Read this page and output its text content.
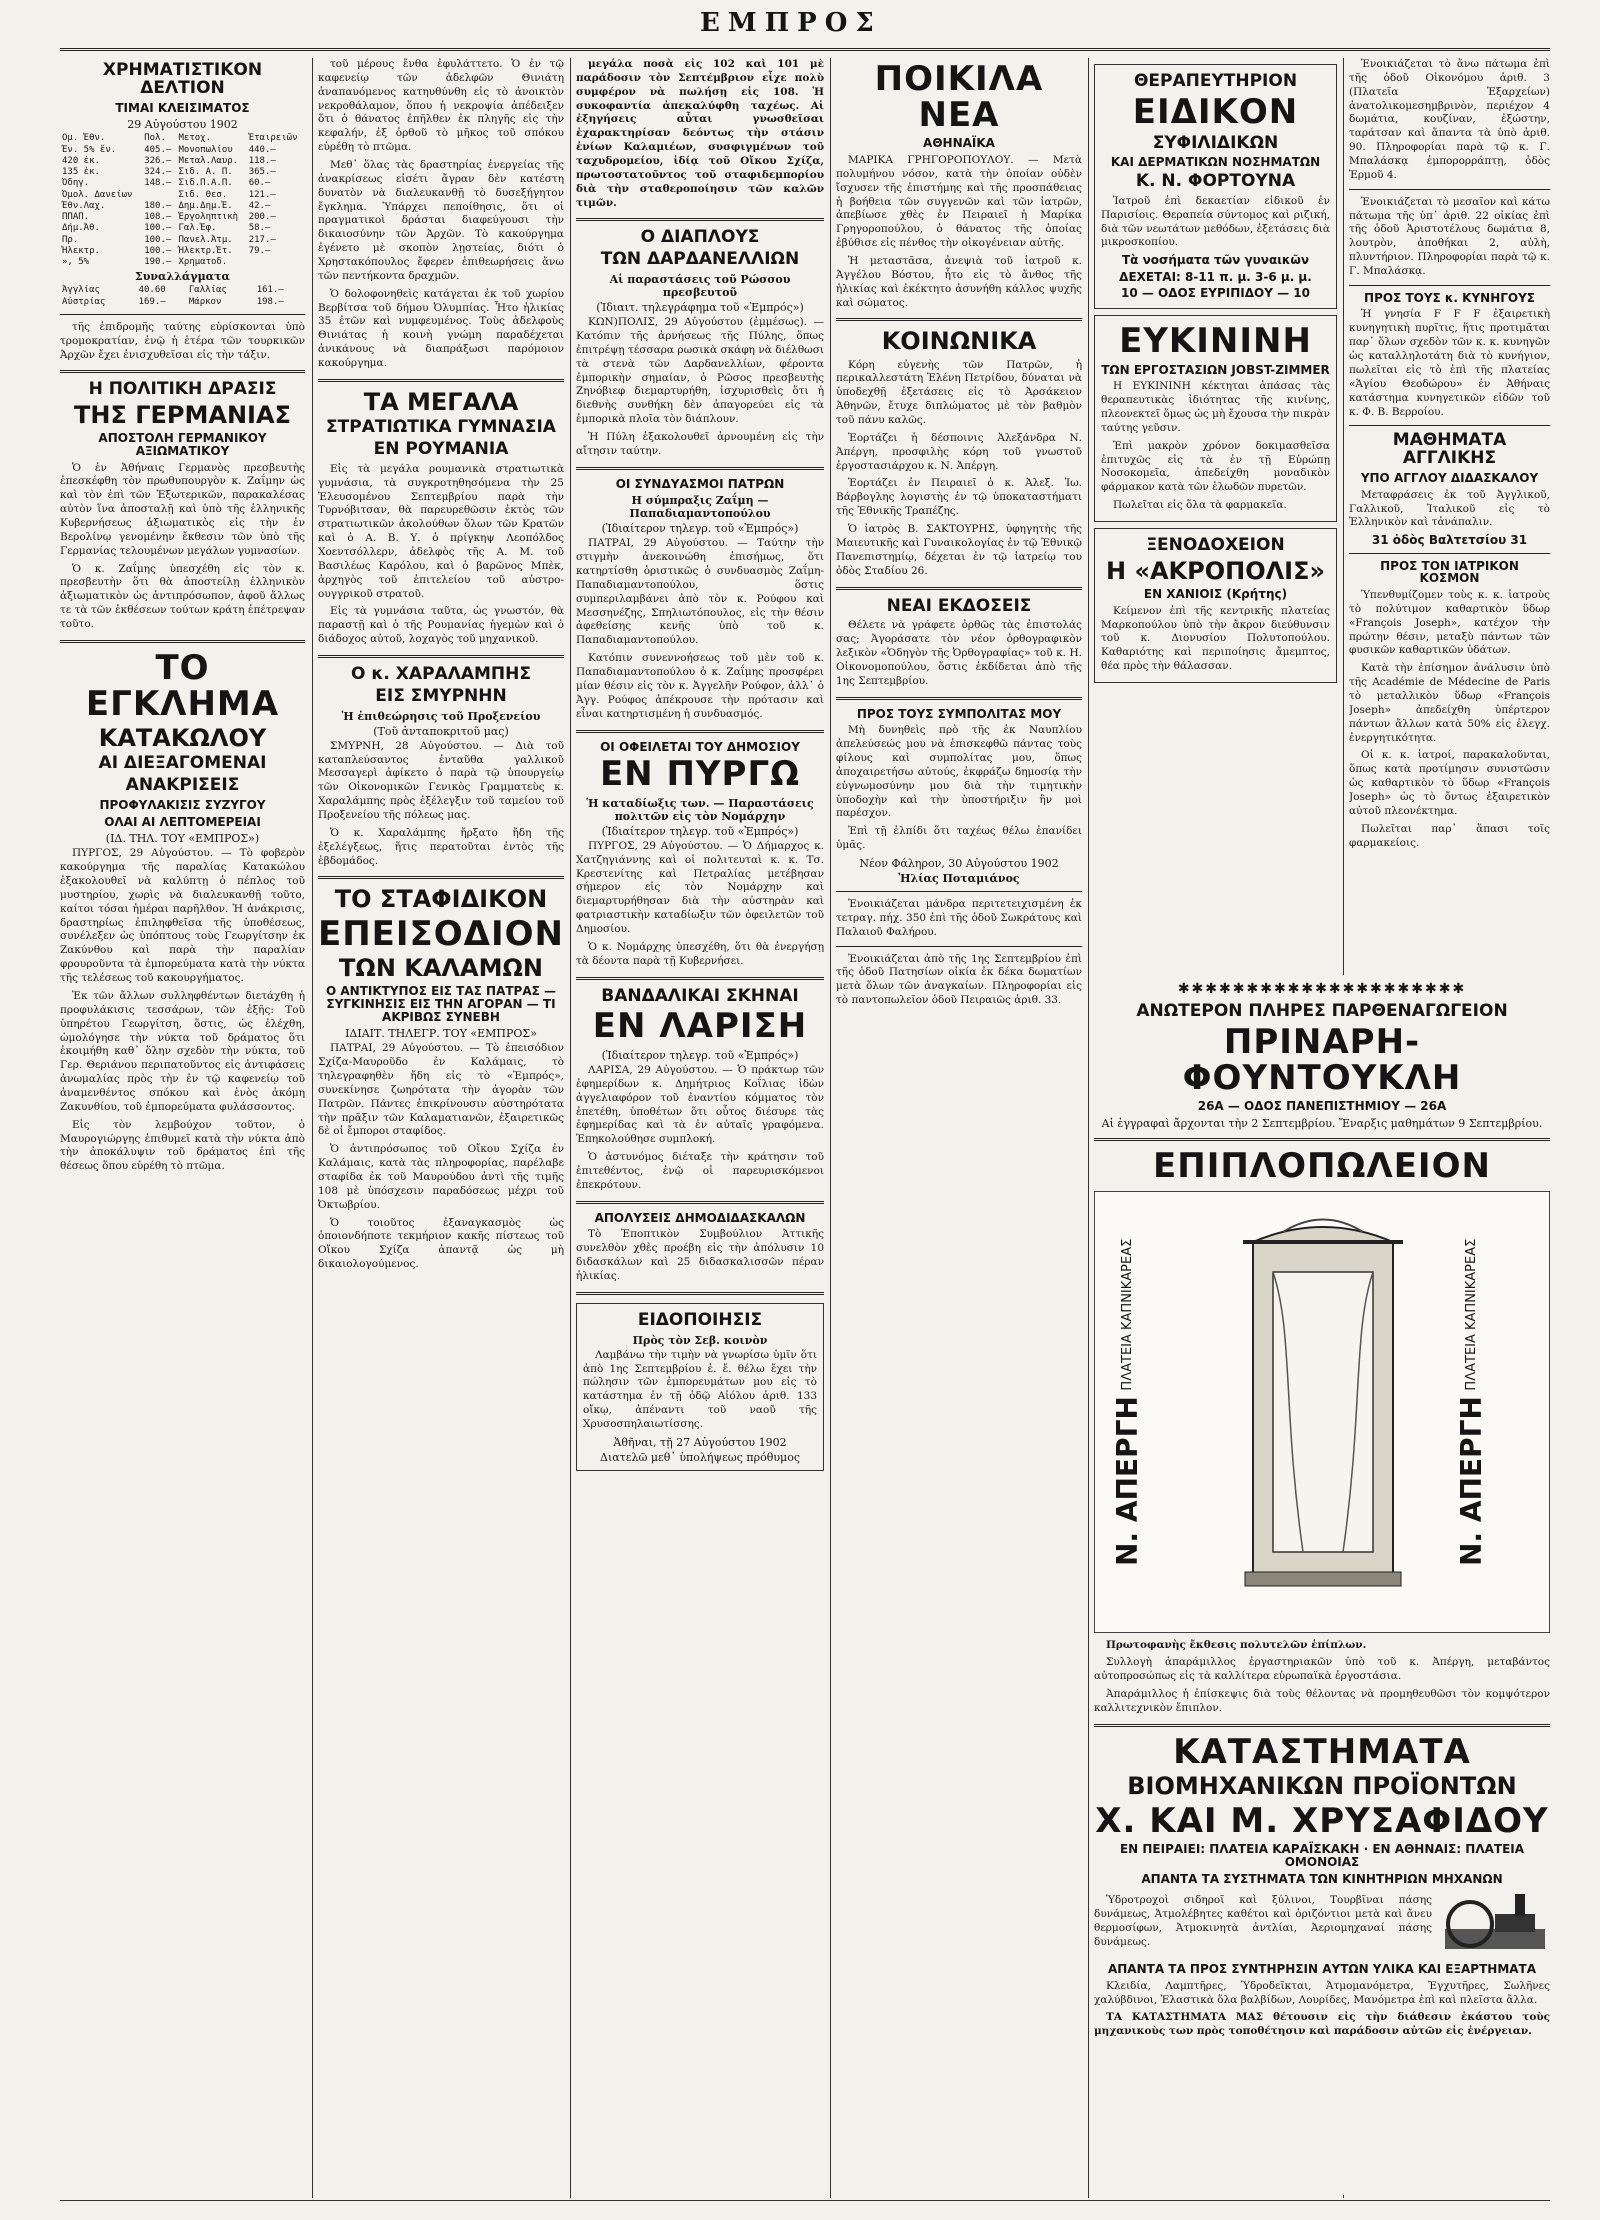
ΕΜΠΡΟΣ
ΧΡΗΜΑΤΙΣΤΙΚΟΝ ΔΕΛΤΙΟΝ
ΤΙΜΑΙ ΚΛΕΙΣΙΜΑΤΟΣ
29 Αὐγούστου 1902
Ομ. Ἐθν.	Πολ.	Μετοχ.	Ἐταιρειῶν
Ἐν. 5% ἔν.	405.—	Μονοπωλίου	440.—
420 ἐκ.	326.—	Μεταλ.Λαυρ.	118.—
135 ἐκ.	324.—	Σιδ. Α. Π.	365.—
Ὀδηγ.	148.—	Σιδ.Π.Α.Π.	60.—
Ὀμολ. Δανείων		Σιδ. Θεσ.	121.—
Ἐθν.Λαχ.	180.—	Δημ.Δημ.Ἐ.	42.—
ΠΠΑΠ.	108.—	Ἐργοληπτικὴ	200.—
Δήμ.Ἀθ.	100.—	Γαλ.Ἐφ.	58.—
Πρ.	100.—	Πανελ.Ἀτμ.	217.—
Ἠλεκτρ.	100.—	Ἠλεκτρ.Ἐτ.	79.—
», 5%	190.—	Χρηματοδ.	
Συναλλάγματα
Ἀγγλίας	40.60	Γαλλίας	161.—
Αὐστρίας	169.—	Μάρκον	198.—

τῆς ἐπιδρομῆς ταύτης εὑρίσκονται ὑπὸ τρομοκρατίαν, ἐνῷ ἡ ἑτέρα τῶν τουρκικῶν Ἀρχῶν ἔχει ἐνισχυθεῖσαι εἰς τὴν τάξιν.

Η ΠΟΛΙΤΙΚΗ ΔΡΑΣΙΣ
ΤΗΣ ΓΕΡΜΑΝΙΑΣ
ΑΠΟΣΤΟΛΗ ΓΕΡΜΑΝΙΚΟΥ ΑΞΙΩΜΑΤΙΚΟΥ

Ὁ ἐν Ἀθήναις Γερμανὸς πρεσβευτὴς ἐπεσκέφθη τὸν πρωθυπουργὸν κ. Ζαΐμην ὡς καὶ τὸν ἐπὶ τῶν Ἐξωτερικῶν, παρακαλέσας αὐτὸν ἵνα ἀποσταλῇ καὶ ὑπὸ τῆς ἑλληνικῆς Κυβερνήσεως ἀξιωματικὸς εἰς τὴν ἐν Βερολίνῳ γενομένην ἔκθεσιν τῶν ὑπὸ τῆς Γερμανίας τελουμένων μεγάλων γυμνασίων.

Ὁ κ. Ζαΐμης ὑπεσχέθη εἰς τὸν κ. πρεσβευτὴν ὅτι θὰ ἀποστείλῃ ἑλληνικὸν ἀξιωματικὸν ὡς ἀντιπρόσωπον, ἀφοῦ ἄλλως τε τὰ τῶν ἐκθέσεων τούτων κράτη ἐπέτρεψαν τοῦτο.

ΤΟ ΕΓΚΛΗΜΑ
ΚΑΤΑΚΩΛΟΥ
ΑΙ ΔΙΕΞΑΓΟΜΕΝΑΙ
ΑΝΑΚΡΙΣΕΙΣ
ΠΡΟΦΥΛΑΚΙΣΙΣ ΣΥΖΥΓΟΥ
ΟΛΑΙ ΑΙ ΛΕΠΤΟΜΕΡΕΙΑΙ
(ΙΔ. ΤΗΛ. ΤΟΥ «ΕΜΠΡΟΣ»)

ΠΥΡΓΟΣ, 29 Αὐγούστου. — Τὸ φοβερὸν κακούργημα τῆς παραλίας Κατακώλου ἐξακολουθεῖ νὰ καλύπτῃ ὁ πέπλος τοῦ μυστηρίου, χωρὶς νὰ διαλευκανθῇ τοῦτο, καίτοι τόσαι ἡμέραι παρῆλθον. Ἡ ἀνάκρισις, δραστηρίως ἐπιληφθεῖσα τῆς ὑποθέσεως, συνέλεξεν ὡς ὑπόπτους τοὺς Γεωργίτσην ἐκ Ζακύνθου καὶ παρὰ τὴν παραλίαν φρουροῦντα τὰ ἐμπορεύματα κατὰ τὴν νύκτα τῆς τελέσεως τοῦ κακουργήματος.

Ἐκ τῶν ἄλλων συλληφθέντων διετάχθη ἡ προφυλάκισις τεσσάρων, τῶν ἐξῆς: Τοῦ ὑπηρέτου Γεωργίτση, ὅστις, ὡς ἐλέχθη, ὡμολόγησε τὴν νύκτα τοῦ δράματος ὅτι ἐκοιμήθη καθ᾽ ὅλην σχεδὸν τὴν νύκτα, τοῦ Γερ. Θεριάνου περιπατοῦντος εἰς ἀντιφάσεις ἀνωμαλίας πρὸς τὴν ἐν τῷ καφενείῳ τοῦ ἀναμενθέντος σπόκου καὶ ἑνὸς ἀκόμη Ζακυνθίου, τοῦ ἐμπορεύματα φυλάσσοντος.

Εἰς τὸν λεμβούχον τοῦτον, ὁ Μαυρογιώργης ἐπιθυμεῖ κατὰ τὴν νύκτα ἀπὸ τὴν ἀποκάλυψιν τοῦ δράματος ἐπὶ τῆς θέσεως ὅπου εὑρέθη τὸ πτῶμα.

τοῦ μέρους ἔνθα ἐφυλάττετο. Ὁ ἐν τῷ καφενείῳ τῶν ἀδελφῶν Θινιάτη ἀναπαυόμενος κατηυθύνθη εἰς τὸ ἀνοικτὸν νεκροθάλαμον, ὅπου ἡ νεκροψία ἀπέδειξεν ὅτι ὁ θάνατος ἐπῆλθεν ἐκ πληγῆς εἰς τὴν κεφαλήν, ἐξ ὀρθοῦ τὸ μῆκος τοῦ σπόκου εὑρέθη τὸ πτῶμα.

Μεθ᾽ ὅλας τὰς δραστηρίας ἐνεργείας τῆς ἀνακρίσεως εἰσέτι ἄγραν δὲν κατέστη δυνατὸν νὰ διαλευκανθῇ τὸ δυσεξήγητον ἔγκλημα. Ὑπάρχει πεποίθησις, ὅτι οἱ πραγματικοὶ δράσται διαφεύγουσι τὴν δικαιοσύνην τῶν Ἀρχῶν. Τὸ κακούργημα ἐγένετο μὲ σκοπὸν λῃστείας, διότι ὁ Χρηστακόπουλος ἔφερεν ἐπιθεωρήσεις ἄνω τῶν πεντήκοντα δραχμῶν.

Ὁ δολοφονηθεὶς κατάγεται ἐκ τοῦ χωρίου Βερβίτσα τοῦ δήμου Ὀλυμπίας. Ἦτο ἡλικίας 35 ἐτῶν καὶ νυμφευμένος. Τοὺς ἀδελφοὺς Θινιάτας ἡ κοινὴ γνώμη παραδέχεται ἀνικάνους νὰ διαπράξωσι παρόμοιον κακούργημα.

ΤΑ ΜΕΓΑΛΑ
ΣΤΡΑΤΙΩΤΙΚΑ ΓΥΜΝΑΣΙΑ
ΕΝ ΡΟΥΜΑΝΙΑ

Εἰς τὰ μεγάλα ρουμανικὰ στρατιωτικὰ γυμνάσια, τὰ συγκροτηθησόμενα τὴν 25 Ἐλευσομένου Σεπτεμβρίου παρὰ τὴν Τυρνόβιτσαν, θὰ παρευρεθῶσιν ἐκτὸς τῶν στρατιωτικῶν ἀκολούθων ὅλων τῶν Κρατῶν καὶ ὁ Α. Β. Υ. ὁ πρίγκηψ Λεοπόλδος Χοεντσόλλερν, ἀδελφὸς τῆς Α. Μ. τοῦ Βασιλέως Καρόλου, καὶ ὁ βαρῶνος Μπὲκ, ἀρχηγὸς τοῦ ἐπιτελείου τοῦ αὐστρο-ουγγρικοῦ στρατοῦ.

Εἰς τὰ γυμνάσια ταῦτα, ὡς γνωστόν, θὰ παραστῇ καὶ ὁ τῆς Ρουμανίας ἡγεμὼν καὶ ὁ διάδοχος αὐτοῦ, λοχαγὸς τοῦ μηχανικοῦ.

Ο κ. ΧΑΡΑΛΑΜΠΗΣ
ΕΙΣ ΣΜΥΡΝΗΝ
Ἡ ἐπιθεώρησις τοῦ Προξενείου
(Τοῦ ἀνταποκριτοῦ μας)

ΣΜΥΡΝΗ, 28 Αὐγούστου. — Διὰ τοῦ καταπλεύσαντος ἐνταῦθα γαλλικοῦ Μεσσαγερὶ ἀφίκετο ὁ παρὰ τῷ ὑπουργείῳ τῶν Οἰκονομικῶν Γενικὸς Γραμματεὺς κ. Χαραλάμπης πρὸς ἐξέλεγξιν τοῦ ταμείου τοῦ Προξενείου τῆς πόλεως μας.

Ὁ κ. Χαραλάμπης ἤρξατο ἤδη τῆς ἐξελέγξεως, ἥτις περατοῦται ἐντὸς τῆς ἑβδομάδος.

ΤΟ ΣΤΑΦΙΔΙΚΟΝ
ΕΠΕΙΣΟΔΙΟΝ
ΤΩΝ ΚΑΛΑΜΩΝ
Ο ΑΝΤΙΚΤΥΠΟΣ ΕΙΣ ΤΑΣ ΠΑΤΡΑΣ — ΣΥΓΚΙΝΗΣΙΣ ΕΙΣ ΤΗΝ ΑΓΟΡΑΝ — ΤΙ ΑΚΡΙΒΩΣ ΣΥΝΕΒΗ
ΙΔΙΑΙΤ. ΤΗΛΕΓΡ. ΤΟΥ «ΕΜΠΡΟΣ»

ΠΑΤΡΑΙ, 29 Αὐγούστου. — Τὸ ἐπεισόδιον Σχίζα-Μαυροῦδο ἐν Καλάμαις, τὸ τηλεγραφηθὲν ἤδη εἰς τὸ «Ἐμπρός», συνεκίνησε ζωηρότατα τὴν ἀγορὰν τῶν Πατρῶν. Πάντες ἐπικρίνουσιν αὐστηρότατα τὴν πρᾶξιν τῶν Καλαματιανῶν, ἐξαιρετικῶς δὲ οἱ ἔμποροι σταφίδος.

Ὁ ἀντιπρόσωπος τοῦ Οἴκου Σχίζα ἐν Καλάμαις, κατὰ τὰς πληροφορίας, παρέλαβε σταφίδα ἐκ τοῦ Μαυρούδου ἀντὶ τῆς τιμῆς 108 μὲ ὑπόσχεσιν παραδόσεως μέχρι τοῦ Ὀκτωβρίου.

Ὁ τοιοῦτος ἐξαναγκασμὸς ὡς ὁποιονδήποτε τεκμήριον κακῆς πίστεως τοῦ Οἴκου Σχίζα ἀπαντᾷ ὡς μὴ δικαιολογούμενος.

μεγάλα ποσὰ εἰς 102 καὶ 101 μὲ παράδοσιν τὸν Σεπτέμβριον εἶχε πολὺ συμφέρον νὰ πωλήσῃ εἰς 108. Ἡ συκοφαντία ἀπεκαλύφθη ταχέως. Αἱ ἐξηγήσεις αὗται γνωσθεῖσαι ἐχαρακτηρίσαν δεόντως τὴν στάσιν ἐνίων Καλαμιέων, συσφιγμένων τοῦ ταχυδρομείου, ἰδίᾳ τοῦ Οἴκου Σχίζα, πρωτοστατοῦντος τοῦ σταφιδεμπορίου διὰ τὴν σταθεροποίησιν τῶν καλῶν τιμῶν.

Ο ΔΙΑΠΛΟΥΣ
ΤΩΝ ΔΑΡΔΑΝΕΛΛΙΩΝ
Αἱ παραστάσεις τοῦ Ρώσσου πρεσβευτοῦ
(Ἰδιαιτ. τηλεγράφημα τοῦ «Ἐμπρός»)

ΚΩΝ)ΠΟΛΙΣ, 29 Αὐγούστου (ἐμμέσως). — Κατόπιν τῆς ἀρνήσεως τῆς Πύλης, ὅπως ἐπιτρέψῃ τέσσαρα ρωσικὰ σκάφη νὰ διέλθωσι τὰ στενὰ τῶν Δαρδανελλίων, φέροντα ἐμπορικὴν σημαίαν, ὁ Ρῶσος πρεσβευτὴς Ζηνόβιεφ διεμαρτυρήθη, ἰσχυρισθεὶς ὅτι ἡ διεθνὴς συνθήκη δὲν ἀπαγορεύει εἰς τὰ ἐμπορικὰ πλοῖα τὸν διάπλουν.

Ἡ Πύλη ἐξακολουθεῖ ἀρνουμένη εἰς τὴν αἴτησιν ταύτην.

ΟΙ ΣΥΝΔΥΑΣΜΟΙ ΠΑΤΡΩΝ
Η σύμπραξις Ζαΐμη — Παπαδιαμαντοπούλου
(Ἰδιαίτερον τηλεγρ. τοῦ «Ἐμπρός»)

ΠΑΤΡΑΙ, 29 Αὐγούστου. — Ταύτην τὴν στιγμὴν ἀνεκοινώθη ἐπισήμως, ὅτι κατηρτίσθη ὁριστικῶς ὁ συνδυασμὸς Ζαΐμη-Παπαδιαμαντοπούλου, ὅστις συμπεριλαμβάνει ἀπὸ τὸν κ. Ρούφου καὶ Μεσσηνέζης, Σπηλιωτόπουλος, εἰς τὴν θέσιν ἀφεθείσης κενῆς ὑπὸ τοῦ κ. Παπαδιαμαντοπούλου.

Κατόπιν συνεννοήσεως τοῦ μὲν τοῦ κ. Παπαδιαμαντοπούλου ὁ κ. Ζαΐμης προσφέρει μίαν θέσιν εἰς τὸν κ. Ἀγγελῆν Ρούφον, ἀλλ᾽ ὁ Ἀγγ. Ρούφος ἀπέκρουσε τὴν πρότασιν καὶ εἶναι κατηρτισμένη ἡ συνδυασμός.

ΟΙ ΟΦΕΙΛΕΤΑΙ ΤΟΥ ΔΗΜΟΣΙΟΥ
ΕΝ ΠΥΡΓΩ
Ἡ καταδίωξις των. — Παραστάσεις πολιτῶν εἰς τὸν Νομάρχην
(Ἰδιαίτερον τηλεγρ. τοῦ «Ἐμπρός»)

ΠΥΡΓΟΣ, 29 Αὐγούστου. — Ὁ Δήμαρχος κ. Χατζηγιάννης καὶ οἱ πολιτευταὶ κ. κ. Τσ. Κρεστενίτης καὶ Πετραλίας μετέβησαν σήμερον εἰς τὸν Νομάρχην καὶ διεμαρτυρήθησαν διὰ τὴν αὐστηρὰν καὶ φατριαστικὴν καταδίωξιν τῶν ὀφειλετῶν τοῦ Δημοσίου.

Ὁ κ. Νομάρχης ὑπεσχέθη, ὅτι θὰ ἐνεργήσῃ τὰ δέοντα παρὰ τῇ Κυβερνήσει.

ΒΑΝΔΑΛΙΚΑΙ ΣΚΗΝΑΙ
ΕΝ ΛΑΡΙΣΗ
(Ἰδιαίτερον τηλεγρ. τοῦ «Ἐμπρός»)

ΛΑΡΙΣΑ, 29 Αὐγούστου. — Ὁ πράκτωρ τῶν ἐφημερίδων κ. Δημήτριος Κοΐλιας ἰδὼν ἀγγελιαφόρον τοῦ ἐναντίου κόμματος τὸν ἐπετέθη, ὑποθέτων ὅτι οὗτος διέσυρε τὰς ἐφημερίδας καὶ τὰ ἐν αὐταῖς γραφόμενα. Ἐπηκολούθησε συμπλοκή.

Ὁ ἀστυνόμος διέταξε τὴν κράτησιν τοῦ ἐπιτεθέντος, ἐνῷ οἱ παρευρισκόμενοι ἐπεκρότουν.

ΑΠΟΛΥΣΕΙΣ ΔΗΜΟΔΙΔΑΣΚΑΛΩΝ

Τὸ Ἐποπτικὸν Συμβούλιον Ἀττικῆς συνελθὸν χθὲς προέβη εἰς τὴν ἀπόλυσιν 10 διδασκάλων καὶ 25 διδασκαλισσῶν πέραν ἡλικίας.

ΕΙΔΟΠΟΙΗΣΙΣ
Πρὸς τὸν Σεβ. κοινὸν

Λαμβάνω τὴν τιμὴν νὰ γνωρίσω ὑμῖν ὅτι ἀπὸ 1ης Σεπτεμβρίου ἐ. ἔ. θέλω ἔχει τὴν πώλησιν τῶν ἐμπορευμάτων μου εἰς τὸ κατάστημα ἐν τῇ ὁδῷ Αἰόλου ἀριθ. 133 οἴκῳ, ἀπέναντι τοῦ ναοῦ τῆς Χρυσοσπηλαιωτίσσης.

Ἀθῆναι, τῇ 27 Αὐγούστου 1902
Διατελῶ μεθ᾽ ὑπολήψεως πρόθυμος
ΠΟΙΚΙΛΑ ΝΕΑ
ΑΘΗΝΑΪΚΑ

ΜΑΡΙΚΑ ΓΡΗΓΟΡΟΠΟΥΛΟΥ. — Μετὰ πολυμήνου νόσον, κατὰ τὴν ὁποίαν οὐδὲν ἴσχυσεν τῆς ἐπιστήμης καὶ τῆς προσπάθειας ἡ βοήθεια τῶν συγγενῶν καὶ τῶν ἰατρῶν, ἀπεβίωσε χθὲς ἐν Πειραιεῖ ἡ Μαρίκα Γρηγοροπούλου, ὁ θάνατος τῆς ὁποίας ἐβύθισε εἰς πένθος τὴν οἰκογένειαν αὐτῆς.

Ἡ μεταστᾶσα, ἀνεψιὰ τοῦ ἰατροῦ κ. Ἀγγέλου Βόστου, ἦτο εἰς τὸ ἄνθος τῆς ἡλικίας καὶ ἐκέκτητο ἀσυνήθη κάλλος ψυχῆς καὶ σώματος.

ΚΟΙΝΩΝΙΚΑ

Κόρη εὐγενὴς τῶν Πατρῶν, ἡ περικαλλεστάτη Ἑλένη Πετρίδου, δύναται νὰ ὑποδεχθῇ ἐξετάσεις εἰς τὸ Ἀρσάκειον Ἀθηνῶν, ἔτυχε διπλώματος μὲ τὸν βαθμὸν τοῦ πάνυ καλῶς.

Ἑορτάζει ἡ δέσποινις Ἀλεξάνδρα Ν. Ἀπέργη, προσφιλὴς κόρη τοῦ γνωστοῦ ἐργοστασιάρχου κ. Ν. Ἀπέργη.

Ἑορτάζει ἐν Πειραιεῖ ὁ κ. Ἀλεξ. Ἰω. Βάρβογλης λογιστὴς ἐν τῷ ὑποκαταστήματι τῆς Ἐθνικῆς Τραπέζης.

Ὁ ἰατρὸς Β. ΣΑΚΤΟΥΡΗΣ, ὑφηγητὴς τῆς Μαιευτικῆς καὶ Γυναικολογίας ἐν τῷ Ἐθνικῷ Πανεπιστημίῳ, δέχεται ἐν τῷ ἰατρείῳ του ὁδὸς Σταδίου 26.

ΝΕΑΙ ΕΚΔΟΣΕΙΣ

Θέλετε νὰ γράφετε ὀρθῶς τὰς ἐπιστολάς σας; Ἀγοράσατε τὸν νέον ὀρθογραφικὸν λεξικὸν «Ὁδηγὸν τῆς Ὀρθογραφίας» τοῦ κ. Η. Οἰκονομοπούλου, ὅστις ἐκδίδεται ἀπὸ τῆς 1ης Σεπτεμβρίου.

ΠΡΟΣ ΤΟΥΣ ΣΥΜΠΟΛΙΤΑΣ ΜΟΥ

Μὴ δυνηθεὶς πρὸ τῆς ἐκ Ναυπλίου ἀπελεύσεώς μου νὰ ἐπισκεφθῶ πάντας τοὺς φίλους καὶ συμπολίτας μου, ὅπως ἀποχαιρετήσω αὐτούς, ἐκφράζω δημοσίᾳ τὴν εὐγνωμοσύνην μου διὰ τὴν τιμητικὴν ὑποδοχὴν καὶ τὴν ὑποστήριξιν ἣν μοὶ παρέσχον.

Ἐπὶ τῇ ἐλπίδι ὅτι ταχέως θέλω ἐπανίδει ὑμᾶς.

Νέον Φάληρον, 30 Αὐγούστου 1902
Ἠλίας Ποταμιάνος

Ἐνοικιάζεται μάνδρα περιτετειχισμένη ἐκ τετραγ. πήχ. 350 ἐπὶ τῆς ὁδοῦ Σωκράτους καὶ Παλαιοῦ Φαλήρου.

Ἐνοικιάζεται ἀπὸ τῆς 1ης Σεπτεμβρίου ἐπὶ τῆς ὁδοῦ Πατησίων οἰκία ἐκ δέκα δωματίων μετὰ ὅλων τῶν ἀναγκαίων. Πληροφορίαι εἰς τὸ παντοπωλεῖον ὁδοῦ Πειραιῶς ἀριθ. 33.

ΘΕΡΑΠΕΥΤΗΡΙΟΝ
ΕΙΔΙΚΟΝ
ΣΥΦΙΛΙΔΙΚΩΝ
ΚΑΙ ΔΕΡΜΑΤΙΚΩΝ ΝΟΣΗΜΑΤΩΝ
Κ. Ν. ΦΟΡΤΟΥΝΑ

Ἰατροῦ ἐπὶ δεκαετίαν εἰδικοῦ ἐν Παρισίοις. Θεραπεία σύντομος καὶ ριζική, διὰ τῶν νεωτάτων μεθόδων, ἐξετάσεις διὰ μικροσκοπίου.

Τὰ νοσήματα τῶν γυναικῶν
ΔΕΧΕΤΑΙ: 8-11 π. μ. 3-6 μ. μ.
10 — ΟΔΟΣ ΕΥΡΙΠΙΔΟΥ — 10
ΕΥΚΙΝΙΝΗ
ΤΩΝ ΕΡΓΟΣΤΑΣΙΩΝ JOBST-ZIMMER

Η ΕΥΚΙΝΙΝΗ κέκτηται ἁπάσας τὰς θεραπευτικὰς ἰδιότητας τῆς κινίνης, πλεονεκτεῖ ὅμως ὡς μὴ ἔχουσα τὴν πικρὰν ταύτης γεῦσιν.

Ἐπὶ μακρὸν χρόνον δοκιμασθεῖσα ἐπιτυχῶς εἰς τὰ ἐν τῇ Εὐρώπῃ Νοσοκομεῖα, ἀπεδείχθη μοναδικὸν φάρμακον κατὰ τῶν ἑλωδῶν πυρετῶν.

Πωλεῖται εἰς ὅλα τὰ φαρμακεῖα.

ΞΕΝΟΔΟΧΕΙΟΝ
Η «ΑΚΡΟΠΟΛΙΣ»
ΕΝ ΧΑΝΙΟΙΣ (Κρήτης)

Κείμενον ἐπὶ τῆς κεντρικῆς πλατείας Μαρκοπούλου ὑπὸ τὴν ἄκρον διεύθυνσιν τοῦ κ. Διονυσίου Πολυτοπούλου. Καθαριότης καὶ περιποίησις ἄμεμπτος, θέα πρὸς τὴν θάλασσαν.

✱✱✱✱✱✱✱✱✱✱✱✱✱✱✱✱✱✱✱✱✱
ΑΝΩΤΕΡΟΝ ΠΛΗΡΕΣ ΠΑΡΘΕΝΑΓΩΓΕΙΟΝ
ΠΡΙΝΑΡΗ-ΦΟΥΝΤΟΥΚΛΗ
26Α — ΟΔΟΣ ΠΑΝΕΠΙΣΤΗΜΙΟΥ — 26Α
Αἱ ἐγγραφαὶ ἄρχονται τὴν 2 Σεπτεμβρίου. Ἔναρξις μαθημάτων 9 Σεπτεμβρίου.
ΕΠΙΠΛΟΠΩΛΕΙΟΝ
Ν. ΑΠΕΡΓΗ ΠΛΑΤΕΙΑ ΚΑΠΝΙΚΑΡΕΑΣ
Ν. ΑΠΕΡΓΗ ΠΛΑΤΕΙΑ ΚΑΠΝΙΚΑΡΕΑΣ

Πρωτοφανὴς ἔκθεσις πολυτελῶν ἐπίπλων.

Συλλογὴ ἀπαράμιλλος ἐργαστηριακῶν ὑπὸ τοῦ κ. Ἀπέργη, μεταβάντος αὐτοπροσώπως εἰς τὰ καλλίτερα εὐρωπαϊκὰ ἐργοστάσια.

Ἀπαράμιλλος ἡ ἐπίσκεψις διὰ τοὺς θέλοντας νὰ προμηθευθῶσι τὸν κομψότερον καλλιτεχνικὸν ἔπιπλον.

ΚΑΤΑΣΤΗΜΑΤΑ
ΒΙΟΜΗΧΑΝΙΚΩΝ ΠΡΟΪΟΝΤΩΝ
Χ. ΚΑΙ Μ. ΧΡΥΣΑΦΙΔΟΥ
ΕΝ ΠΕΙΡΑΙΕΙ: ΠΛΑΤΕΙΑ ΚΑΡΑΪΣΚΑΚΗ · ΕΝ ΑΘΗΝΑΙΣ: ΠΛΑΤΕΙΑ ΟΜΟΝΟΙΑΣ
ΑΠΑΝΤΑ ΤΑ ΣΥΣΤΗΜΑΤΑ ΤΩΝ ΚΙΝΗΤΗΡΙΩΝ ΜΗΧΑΝΩΝ

Ὑδροτροχοὶ σιδηροῖ καὶ ξύλινοι, Τουρβῖναι πάσης δυνάμεως, Ἀτμολέβητες καθέτοι καὶ ὁριζόντιοι μετὰ καὶ ἄνευ θερμοσίφων, Ἀτμοκινητὰ ἀντλίαι, Ἀεριομηχαναί πάσης δυνάμεως.

ΑΠΑΝΤΑ ΤΑ ΠΡΟΣ ΣΥΝΤΗΡΗΣΙΝ ΑΥΤΩΝ ΥΛΙΚΑ ΚΑΙ ΕΞΑΡΤΗΜΑΤΑ

Κλειδία, Λαμπτῆρες, Ὑδροδεῖκται, Ἀτμομανόμετρα, Ἐγχυτῆρες, Σωλῆνες χαλύβδινοι, Ἐλαστικὰ ὅλα βαλβίδων, Λουρίδες, Μανόμετρα ἐπὶ καὶ πλεῖστα ἄλλα.

ΤΑ ΚΑΤΑΣΤΗΜΑΤΑ ΜΑΣ θέτουσιν εἰς τὴν διάθεσιν ἑκάστου τοὺς μηχανικοὺς των πρὸς τοποθέτησιν καὶ παράδοσιν αὐτῶν εἰς ἐνέργειαν.

Ἐνοικιάζεται τὸ ἄνω πάτωμα ἐπὶ τῆς ὁδοῦ Οἰκονόμου ἀριθ. 3 (Πλατεῖα Ἐξαρχείων) ἀνατολικομεσημβρινὸν, περιέχον 4 δωμάτια, κουζίναν, ἐξώστην, ταράτσαν καὶ ἅπαντα τὰ ὑπὸ ἀριθ. 90. Πληροφορίαι παρὰ τῷ κ. Γ. Μπαλάσκᾳ ἐμπορορράπτῃ, ὁδὸς Ἑρμοῦ 4.

Ἐνοικιάζεται τὸ μεσαῖον καὶ κάτω πάτωμα τῆς ὑπ᾽ ἀριθ. 22 οἰκίας ἐπὶ τῆς ὁδοῦ Ἀριστοτέλους δωμάτια 8, λουτρὸν, ἀποθήκαι 2, αὐλὴ, πλυντήριον. Πληροφορίαι παρὰ τῷ κ. Γ. Μπαλάσκᾳ.

ΠΡΟΣ ΤΟΥΣ κ. ΚΥΝΗΓΟΥΣ

Ἡ γνησία F F F ἐξαιρετικὴ κυνηγητικὴ πυρῖτις, ἥτις προτιμᾶται παρ᾽ ὅλων σχεδὸν τῶν κ. κ. κυνηγῶν ὡς καταλληλοτάτη διὰ τὸ κυνήγιον, πωλεῖται εἰς τὸ ἐπὶ τῆς πλατείας «Ἁγίου Θεοδώρου» ἐν Ἀθήναις κατάστημα κυνηγετικῶν εἰδῶν τοῦ κ. Φ. Β. Βερροίου.

ΜΑΘΗΜΑΤΑ ΑΓΓΛΙΚΗΣ
ΥΠΟ ΑΓΓΛΟΥ ΔΙΔΑΣΚΑΛΟΥ

Μεταφράσεις ἐκ τοῦ Ἀγγλικοῦ, Γαλλικοῦ, Ἰταλικοῦ εἰς τὸ Ἑλληνικὸν καὶ τἀνάπαλιν.

31 ὁδὸς Βαλτετσίου 31
ΠΡΟΣ ΤΟΝ ΙΑΤΡΙΚΟΝ ΚΟΣΜΟΝ

Ὑπενθυμίζομεν τοὺς κ. κ. ἰατροὺς τὸ πολύτιμον καθαρτικὸν ὕδωρ «François Joseph», κατέχον τὴν πρώτην θέσιν, μεταξὺ πάντων τῶν φυσικῶν καθαρτικῶν ὑδάτων.

Κατὰ τὴν ἐπίσημον ἀνάλυσιν ὑπὸ τῆς Académie de Médecine de Paris τὸ μεταλλικὸν ὕδωρ «François Joseph» ἀπεδείχθη ὑπέρτερον πάντων ἄλλων κατὰ 50% εἰς ἐλεγχ. ἐνεργητικότητα.

Οἱ κ. κ. ἰατροί, παρακαλοῦνται, ὅπως κατὰ προτίμησιν συνιστῶσιν ὡς καθαρτικὸν τὸ ὕδωρ «François Joseph» ὡς τὸ ὄντως ἐξαιρετικὸν αὐτοῦ πλεονέκτημα.

Πωλεῖται παρ᾽ ἅπασι τοῖς φαρμακείοις.
